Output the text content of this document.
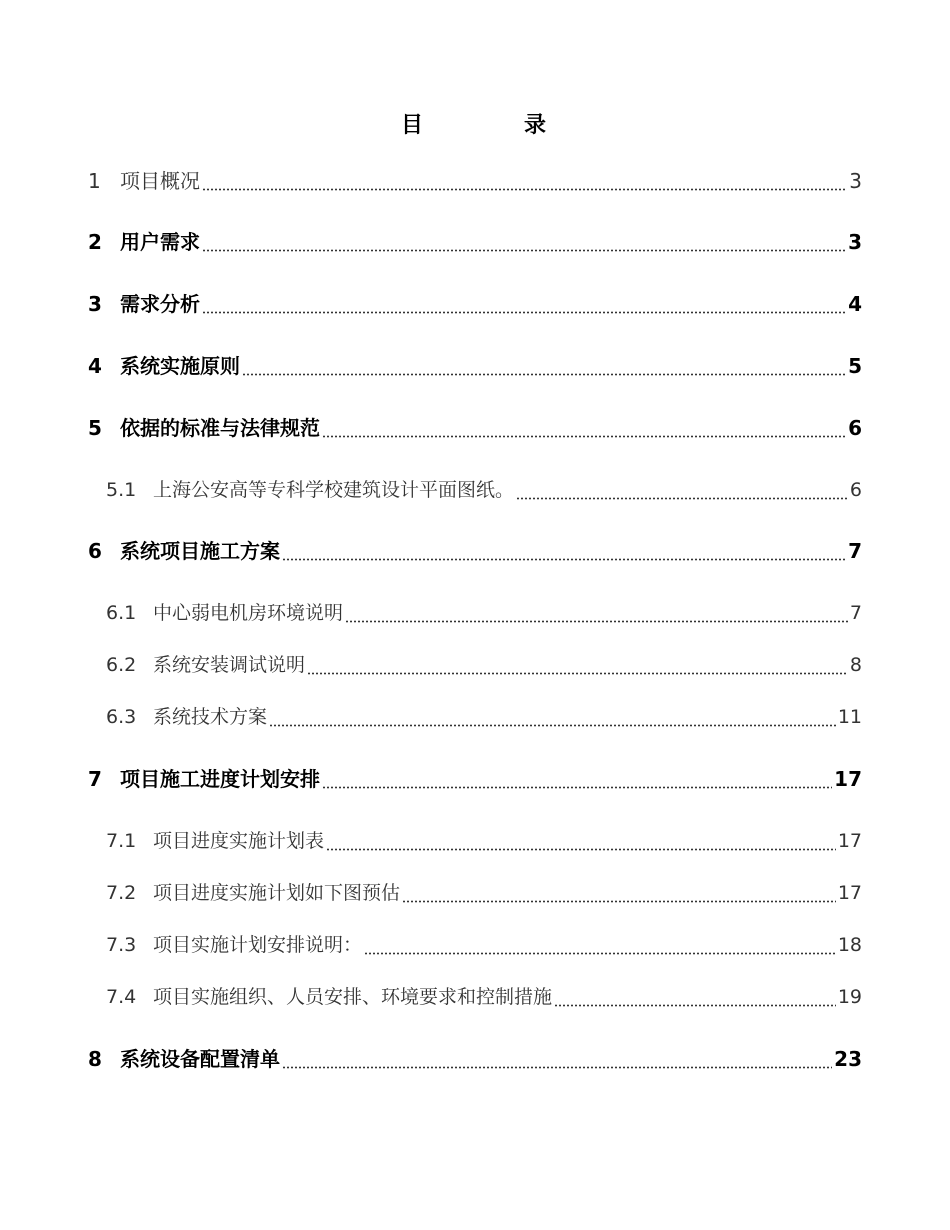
目	录
1 项目概况	3
2 用户需求	3
3 需求分析	4
4 系统实施原则	5
5 依据的标准与法律规范	6
5.1 上海公安高等专科学校建筑设计平面图纸。	6
6 系统项目施工方案	7
6.1 中心弱电机房环境说明	7
6.2 系统安装调试说明	8
6.3 系统技术方案	11
7 项目施工进度计划安排	17
7.1 项目进度实施计划表	17
7.2 项目进度实施计划如下图预估	17
7.3 项目实施计划安排说明：	18
7.4 项目实施组织、人员安排、环境要求和控制措施	19
8 系统设备配置清单	23
